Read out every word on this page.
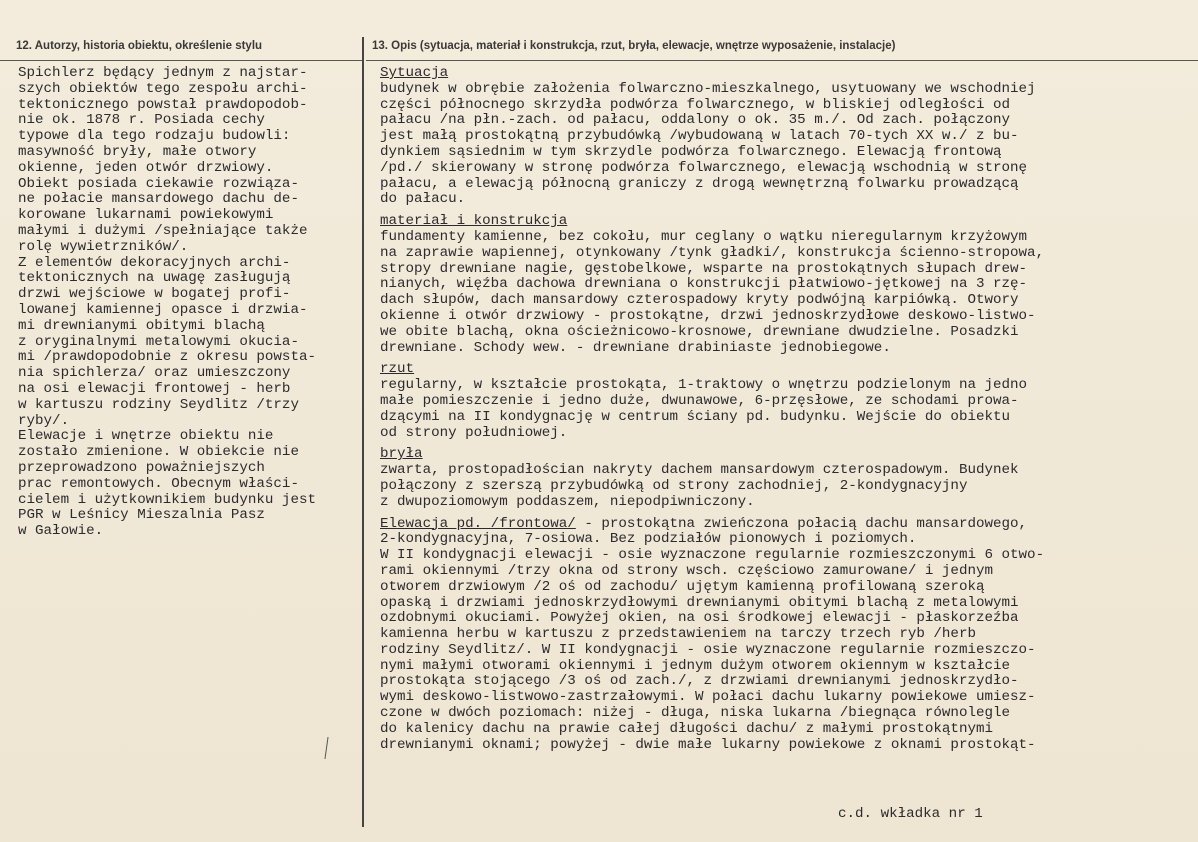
12. Autorzy, historia obiektu, określenie stylu	13. Opis (sytuacja, materiał i konstrukcja, rzut, bryła, elewacje, wnętrze wyposażenie, instalacje)
Spichlerz będący jednym z najstar-
szych obiektów tego zespołu archi-
tektonicznego powstał prawdopodob-
nie ok. 1878 r. Posiada cechy
typowe dla tego rodzaju budowli:
masywność bryły, małe otwory
okienne, jeden otwór drzwiowy.
Obiekt posiada ciekawie rozwiąza-
ne połacie mansardowego dachu de-
korowane lukarnami powiekowymi
małymi i dużymi /spełniające także
rolę wywietrzników/.
Z elementów dekoracyjnych archi-
tektonicznych na uwagę zasługują
drzwi wejściowe w bogatej profi-
lowanej kamiennej opasce i drzwia-
mi drewnianymi obitymi blachą
z oryginalnymi metalowymi okucia-
mi /prawdopodobnie z okresu powsta-
nia spichlerza/ oraz umieszczony
na osi elewacji frontowej - herb
w kartuszu rodziny Seydlitz /trzy
ryby/.
Elewacje i wnętrze obiektu nie
zostało zmienione. W obiekcie nie
przeprowadzono poważniejszych
prac remontowych. Obecnym właści-
cielem i użytkownikiem budynku jest
PGR w Leśnicy Mieszalnia Pasz
w Gałowie.
Sytuacja
budynek w obrębie założenia folwarczno-mieszkalnego, usytuowany we wschodniej
części północnego skrzydła podwórza folwarcznego, w bliskiej odległości od
pałacu /na płn.-zach. od pałacu, oddalony o ok. 35 m./. Od zach. połączony
jest małą prostokątną przybudówką /wybudowaną w latach 70-tych XX w./ z bu-
dynkiem sąsiednim w tym skrzydle podwórza folwarcznego. Elewacją frontową
/pd./ skierowany w stronę podwórza folwarcznego, elewacją wschodnią w stronę
pałacu, a elewacją północną graniczy z drogą wewnętrzną folwarku prowadzącą
do pałacu.
materiał i konstrukcja
fundamenty kamienne, bez cokołu, mur ceglany o wątku nieregularnym krzyżowym
na zaprawie wapiennej, otynkowany /tynk gładki/, konstrukcja ścienno-stropowa,
stropy drewniane nagie, gęstobelkowe, wsparte na prostokątnych słupach drew-
nianych, więźba dachowa drewniana o konstrukcji płatwiowo-jętkowej na 3 rzę-
dach słupów, dach mansardowy czterospadowy kryty podwójną karpiówką. Otwory
okienne i otwór drzwiowy - prostokątne, drzwi jednoskrzydłowe deskowo-listwo-
we obite blachą, okna ościeżnicowo-krosnowe, drewniane dwudzielne. Posadzki
drewniane. Schody wew. - drewniane drabiniaste jednobiegowe.
rzut
regularny, w kształcie prostokąta, 1-traktowy o wnętrzu podzielonym na jedno
małe pomieszczenie i jedno duże, dwunawowe, 6-przęsłowe, ze schodami prowa-
dzącymi na II kondygnację w centrum ściany pd. budynku. Wejście do obiektu
od strony południowej.
bryła
zwarta, prostopadłościan nakryty dachem mansardowym czterospadowym. Budynek
połączony z szerszą przybudówką od strony zachodniej, 2-kondygnacyjny
z dwupoziomowym poddaszem, niepodpiwniczony.
Elewacja pd. /frontowa/ - prostokątna zwieńczona połacią dachu mansardowego,
2-kondygnacyjna, 7-osiowa. Bez podziałów pionowych i poziomych.
W II kondygnacji elewacji - osie wyznaczone regularnie rozmieszczonymi 6 otwo-
rami okiennymi /trzy okna od strony wsch. częściowo zamurowane/ i jednym
otworem drzwiowym /2 oś od zachodu/ ujętym kamienną profilowaną szeroką
opaską i drzwiami jednoskrzydłowymi drewnianymi obitymi blachą z metalowymi
ozdobnymi okuciami. Powyżej okien, na osi środkowej elewacji - płaskorzeźba
kamienna herbu w kartuszu z przedstawieniem na tarczy trzech ryb /herb
rodziny Seydlitz/. W II kondygnacji - osie wyznaczone regularnie rozmieszczo-
nymi małymi otworami okiennymi i jednym dużym otworem okiennym w kształcie
prostokąta stojącego /3 oś od zach./, z drzwiami drewnianymi jednoskrzydło-
wymi deskowo-listwowo-zastrzałowymi. W połaci dachu lukarny powiekowe umiesz-
czone w dwóch poziomach: niżej - długa, niska lukarna /biegnąca równolegle
do kalenicy dachu na prawie całej długości dachu/ z małymi prostokątnymi
drewnianymi oknami; powyżej - dwie małe lukarny powiekowe z oknami prostokąt-
c.d. wkładka nr 1
